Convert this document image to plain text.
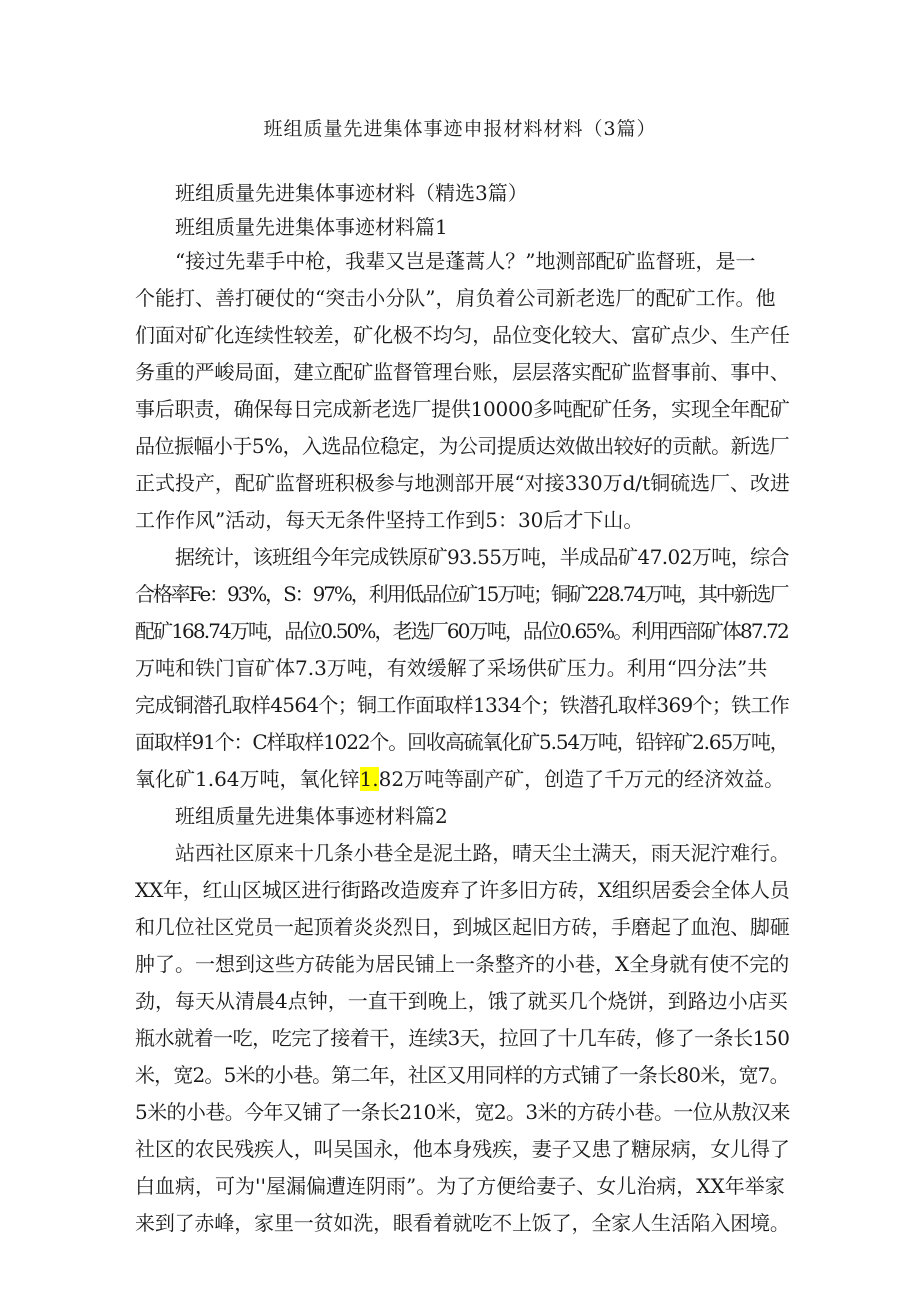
班组质量先进集体事迹申报材料材料（3篇）
班组质量先进集体事迹材料（精选3篇）
班组质量先进集体事迹材料篇1
“接过先辈手中枪，我辈又岂是蓬蒿人？”地测部配矿监督班，是一
个能打、善打硬仗的“突击小分队”，肩负着公司新老选厂的配矿工作。他
们面对矿化连续性较差，矿化极不均匀，品位变化较大、富矿点少、生产任
务重的严峻局面，建立配矿监督管理台账，层层落实配矿监督事前、事中、
事后职责，确保每日完成新老选厂提供10000多吨配矿任务，实现全年配矿
品位振幅小于5%，入选品位稳定，为公司提质达效做出较好的贡献。新选厂
正式投产，配矿监督班积极参与地测部开展“对接330万d/t铜硫选厂、改进
工作作风”活动，每天无条件坚持工作到5：30后才下山。
据统计，该班组今年完成铁原矿93.55万吨，半成品矿47.02万吨，综合
合格率Fe：93%，S：97%，利用低品位矿15万吨；铜矿228.74万吨，其中新选厂
配矿168.74万吨，品位0.50%，老选厂60万吨，品位0.65%。利用西部矿体87.72
万吨和铁门盲矿体7.3万吨，有效缓解了采场供矿压力。利用“四分法”共
完成铜潜孔取样4564个；铜工作面取样1334个；铁潜孔取样369个；铁工作
面取样91个：C样取样1022个。回收高硫氧化矿5.54万吨，铅锌矿2.65万吨，
氧化矿1.64万吨，氧化锌1.82万吨等副产矿，创造了千万元的经济效益。
班组质量先进集体事迹材料篇2
站西社区原来十几条小巷全是泥土路，晴天尘土满天，雨天泥泞难行。
XX年，红山区城区进行街路改造废弃了许多旧方砖，X组织居委会全体人员
和几位社区党员一起顶着炎炎烈日，到城区起旧方砖，手磨起了血泡、脚砸
肿了。一想到这些方砖能为居民铺上一条整齐的小巷，X全身就有使不完的
劲，每天从清晨4点钟，一直干到晚上，饿了就买几个烧饼，到路边小店买
瓶水就着一吃，吃完了接着干，连续3天，拉回了十几车砖，修了一条长150
米，宽2。5米的小巷。第二年，社区又用同样的方式铺了一条长80米，宽7。
5米的小巷。今年又铺了一条长210米，宽2。3米的方砖小巷。一位从敖汉来
社区的农民残疾人，叫吴国永，他本身残疾，妻子又患了糖尿病，女儿得了
白血病，可为''屋漏偏遭连阴雨”。为了方便给妻子、女儿治病，XX年举家
来到了赤峰，家里一贫如洗，眼看着就吃不上饭了，全家人生活陷入困境。
